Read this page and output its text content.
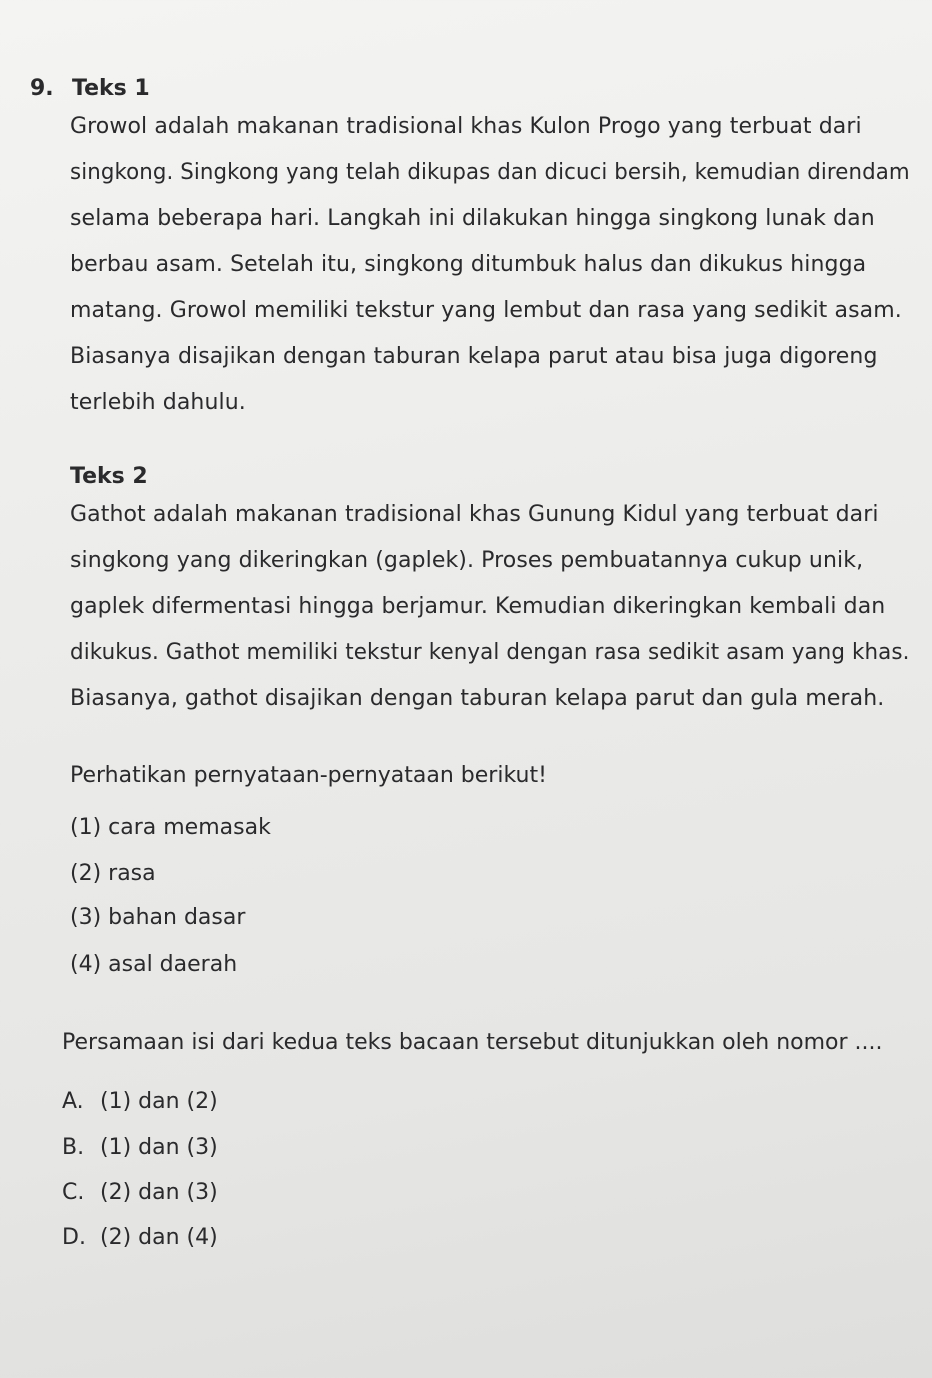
9. Teks 1
Growol adalah makanan tradisional khas Kulon Progo yang terbuat dari
singkong. Singkong yang telah dikupas dan dicuci bersih, kemudian direndam

selama beberapa hari. Langkah ini dilakukan hingga singkong lunak dan
berbau asam. Setelah itu, singkong ditumbuk halus dan dikukus hingga
matang. Growol memiliki tekstur yang lembut dan rasa yang sedikit asam.
Biasanya disajikan dengan taburan kelapa parut atau bisa juga digoreng
terlebih dahulu.
Teks 2
Gathot adalah makanan tradisional khas Gunung Kidul yang terbuat dari
singkong yang dikeringkan (gaplek). Proses pembuatannya cukup unik,
gaplek difermentasi hingga berjamur. Kemudian dikeringkan kembali dan
dikukus. Gathot memiliki tekstur kenyal dengan rasa sedikit asam yang khas.

Biasanya, gathot disajikan dengan taburan kelapa parut dan gula merah.
Perhatikan pernyataan-pernyataan berikut!
(1) cara memasak
(2) rasa
(3) bahan dasar
(4) asal daerah
Persamaan isi dari kedua teks bacaan tersebut ditunjukkan oleh nomor ....
A. (1) dan (2)
B. (1) dan (3)
C. (2) dan (3)
D. (2) dan (4)
